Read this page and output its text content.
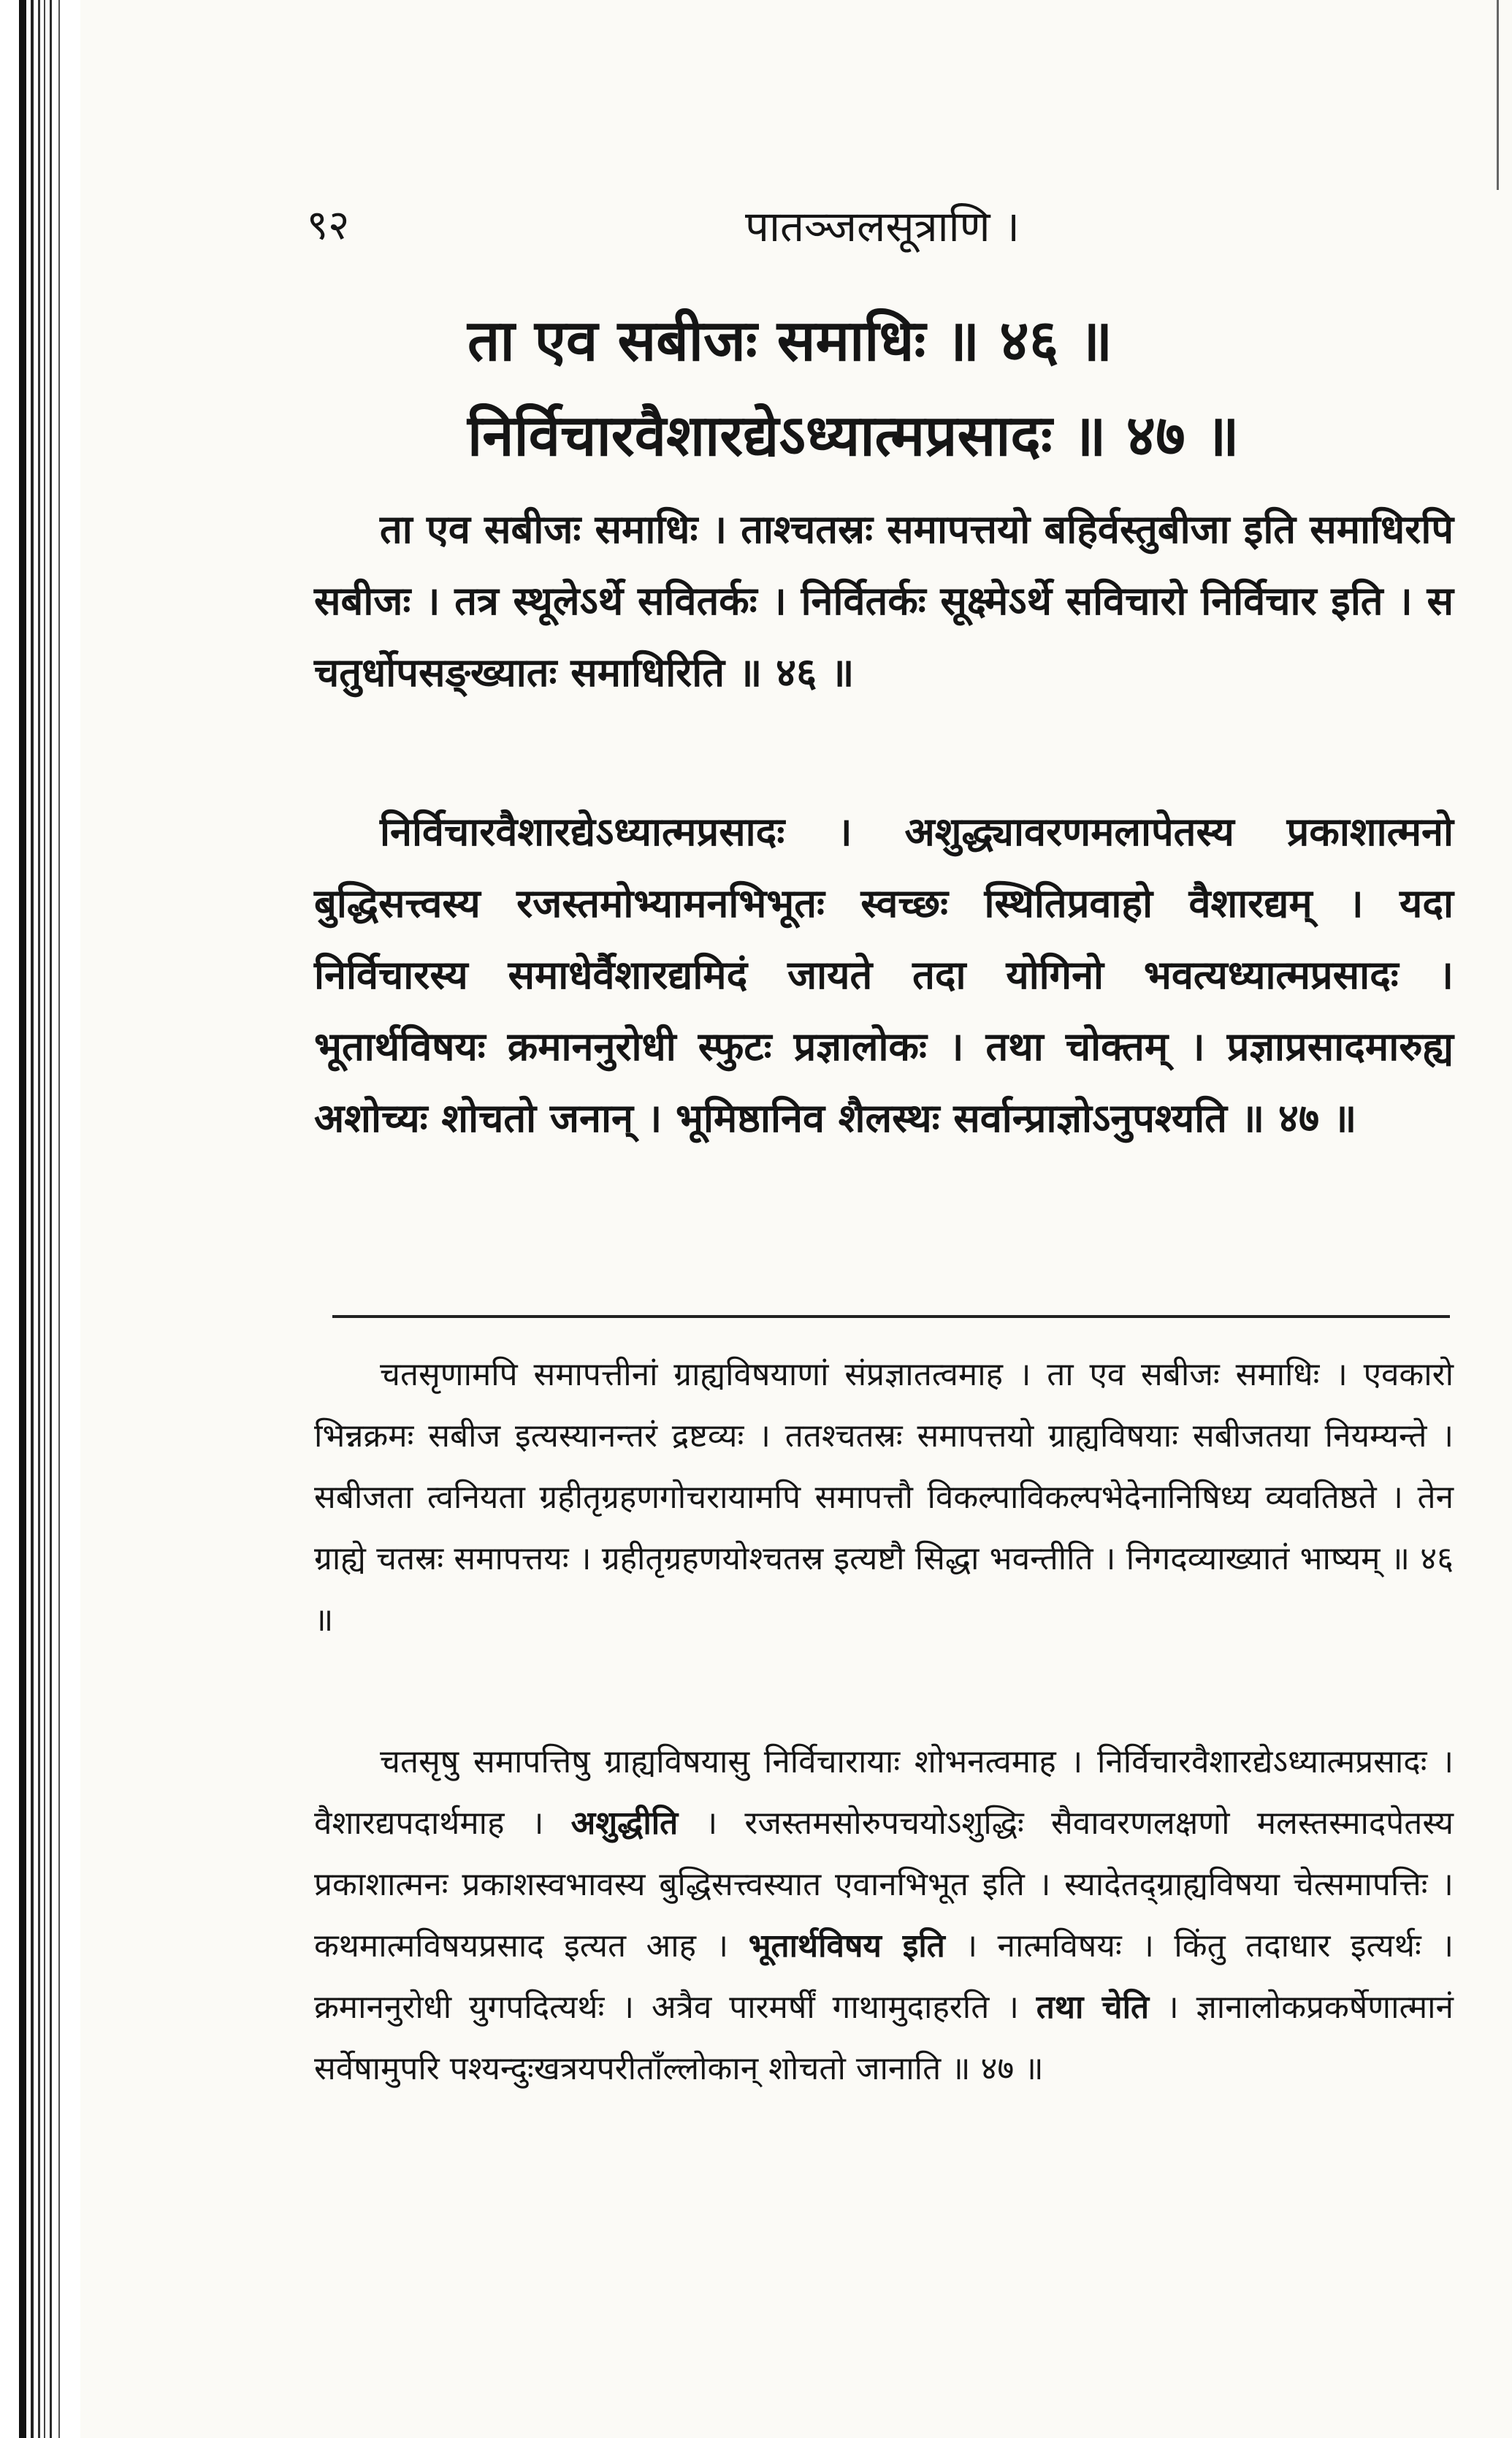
९२	पातञ्जलसूत्राणि ।
ता एव सबीजः समाधिः ॥ ४६ ॥
निर्विचारवैशारद्येऽध्यात्मप्रसादः ॥ ४७ ॥
ता एव सबीजः समाधिः । ताश्चतस्रः समापत्तयो बहिर्वस्तुबीजा इति समाधिरपि सबीजः । तत्र स्थूलेऽर्थे सवितर्कः । निर्वितर्कः सूक्ष्मेऽर्थे सविचारो निर्विचार इति । स चतुर्धोपसङ्ख्यातः समाधिरिति ॥ ४६ ॥
निर्विचारवैशारद्येऽध्यात्मप्रसादः । अशुद्ध्यावरणमलापेतस्य प्रकाशात्मनो बुद्धिसत्त्वस्य रजस्तमोभ्यामनभिभूतः स्वच्छः स्थितिप्रवाहो वैशारद्यम् । यदा निर्विचारस्य समाधेर्वैशारद्यमिदं जायते तदा योगिनो भवत्यध्यात्मप्रसादः । भूतार्थविषयः क्रमाननुरोधी स्फुटः प्रज्ञालोकः । तथा चोक्तम् । प्रज्ञाप्रसादमारुह्य अशोच्यः शोचतो जनान् । भूमिष्ठानिव शैलस्थः सर्वान्प्राज्ञोऽनुपश्यति ॥ ४७ ॥
चतसृणामपि समापत्तीनां ग्राह्यविषयाणां संप्रज्ञातत्वमाह । ता एव सबीजः समाधिः । एवकारो भिन्नक्रमः सबीज इत्यस्यानन्तरं द्रष्टव्यः । ततश्चतस्रः समापत्तयो ग्राह्यविषयाः सबीजतया नियम्यन्ते । सबीजता त्वनियता ग्रहीतृग्रहणगोचरायामपि समापत्तौ विकल्पाविकल्पभेदेनानिषिध्य व्यवतिष्ठते । तेन ग्राह्ये चतस्रः समापत्तयः । ग्रहीतृग्रहणयोश्चतस्र इत्यष्टौ सिद्धा भवन्तीति । निगदव्याख्यातं भाष्यम् ॥ ४६ ॥
चतसृषु समापत्तिषु ग्राह्यविषयासु निर्विचारायाः शोभनत्वमाह । निर्विचारवैशारद्येऽध्यात्मप्रसादः । वैशारद्यपदार्थमाह । अशुद्धीति । रजस्तमसोरुपचयोऽशुद्धिः सैवावरणलक्षणो मलस्तस्मादपेतस्य प्रकाशात्मनः प्रकाशस्वभावस्य बुद्धिसत्त्वस्यात एवानभिभूत इति । स्यादेतद्ग्राह्यविषया चेत्समापत्तिः । कथमात्मविषयप्रसाद इत्यत आह । भूतार्थविषय इति । नात्मविषयः । किंतु तदाधार इत्यर्थः । क्रमाननुरोधी युगपदित्यर्थः । अत्रैव पारमर्षीं गाथामुदाहरति । तथा चेति । ज्ञानालोकप्रकर्षेणात्मानं सर्वेषामुपरि पश्यन्दुःखत्रयपरीताँल्लोकान् शोचतो जानाति ॥ ४७ ॥
